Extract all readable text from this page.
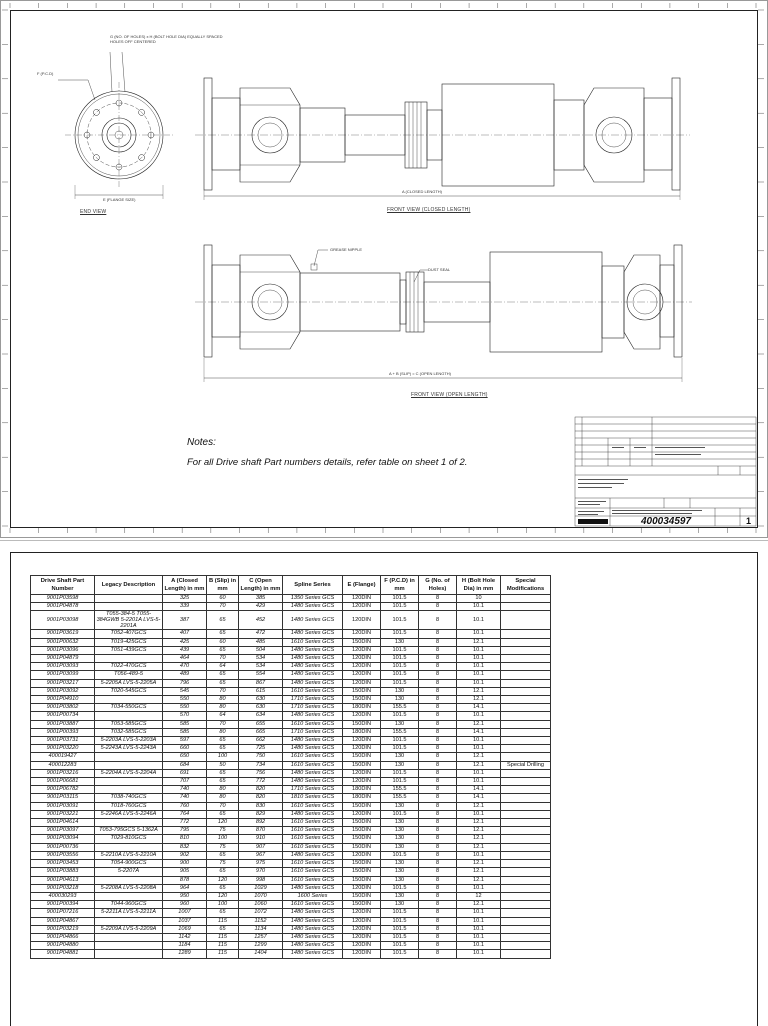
G (NO. OF HOLES) x H (BOLT HOLE DIA) EQUALLY SPACED HOLES OFF CENTERED
F (P.C.D)
E (FLANGE SIZE)
END VIEW
A (CLOSED LENGTH)
FRONT VIEW (CLOSED LENGTH)
GREASE NIPPLE
DUST SEAL
A + B (SLIP) = C (OPEN LENGTH)
FRONT VIEW (OPEN LENGTH)
Notes:
For all Drive shaft Part numbers details, refer table on sheet 1 of 2.
400034597	1
Drive Shaft Part Number	Legacy Description	A (Closed Length) in mm	B (Slip) in mm	C (Open Length) in mm	Spline Series	E (Flange)	F (P.C.D) in mm	G (No. of Holes)	H (Bolt Hole Dia) in mm	Special Modifications
9001P03598		325	60	385	1350 Series GCS	120DIN	101.5	8	10	
9001P04878		339	70	429	1480 Series GCS	120DIN	101.5	8	10.1	
9001P03098	T055-384-5 T055-384GWB 5-2201A LVS-5-2201A	387	65	452	1480 Series GCS	120DIN	101.5	8	10.1	
9001P03619	T052-407GCS	407	65	472	1480 Series GCS	120DIN	101.5	8	10.1	
9001P00632	T019-425GCS	425	60	485	1610 Series GCS	150DIN	130	8	12.1	
9001P03096	T051-439GCS	439	65	504	1480 Series GCS	120DIN	101.5	8	10.1	
9001P04879		464	70	534	1480 Series GCS	120DIN	101.5	8	10.1	
9001P03093	T022-470GCS	470	64	534	1480 Series GCS	120DIN	101.5	8	10.1	
9001P03099	T056-489-5	489	65	554	1480 Series GCS	120DIN	101.5	8	10.1	
9001P03217	5-2205A LVS-5-2205A	796	65	867	1480 Series GCS	120DIN	101.5	8	10.1	
9001P03092	T020-545GCS	545	70	615	1610 Series GCS	150DIN	130	8	12.1	
9001P04910		550	80	630	1710 Series GCS	150DIN	130	8	12.1	
9001P03802	T034-550GCS	550	80	630	1710 Series GCS	180DIN	155.5	8	14.1	
9001P00734		570	64	634	1480 Series GCS	120DIN	101.5	8	10.1	
9001P03887	T053-585GCS	585	70	655	1610 Series GCS	150DIN	130	8	12.1	
9001P00393	T032-585GCS	585	80	665	1710 Series GCS	180DIN	155.5	8	14.1	
9001P03731	5-2203A LVS-5-2203A	597	65	662	1480 Series GCS	120DIN	101.5	8	10.1	
9001P03220	5-2243A LVS-5-2243A	660	65	725	1480 Series GCS	120DIN	101.5	8	10.1	
400019427		650	100	750	1610 Series GCS	150DIN	130	8	12.1	
400012283		684	50	734	1610 Series GCS	150DIN	130	8	12.1	Special Drilling
9001P03216	5-2204A LVS-5-2204A	691	65	756	1480 Series GCS	120DIN	101.5	8	10.1	
9001P06681		707	65	772	1480 Series GCS	120DIN	101.5	8	10.1	
9001P06782		740	80	820	1710 Series GCS	180DIN	155.5	8	14.1	
9001P03115	T038-740GCS	740	80	820	1810 Series GCS	180DIN	155.5	8	14.1	
9001P03091	T018-760GCS	760	70	830	1610 Series GCS	150DIN	130	8	12.1	
9001P03221	5-2246A LVS-5-2246A	764	65	829	1480 Series GCS	120DIN	101.5	8	10.1	
9001P04614		772	120	892	1610 Series GCS	150DIN	130	8	12.1	
9001P03097	T053-795GCS 5-1362A	795	75	870	1610 Series GCS	150DIN	130	8	12.1	
9001P03094	T029-810GCS	810	100	910	1610 Series GCS	150DIN	130	8	12.1	
9001P00736		832	75	907	1610 Series GCS	150DIN	130	8	12.1	
9001P03556	5-2210A LVS-5-2210A	902	65	967	1480 Series GCS	120DIN	101.5	8	10.1	
9001P03453	T054-900GCS	900	75	975	1610 Series GCS	150DIN	130	8	12.1	
9001P03883	5-2207A	905	65	970	1610 Series GCS	150DIN	130	8	12.1	
9001P04613		878	120	998	1610 Series GCS	150DIN	130	8	12.1	
9001P03218	5-2208A LVS-5-2208A	964	65	1029	1480 Series GCS	120DIN	101.5	8	10.1	
400030293		950	120	1070	1600 Series	150DIN	130	8	12	
9001P00394	T044-960GCS	960	100	1060	1610 Series GCS	150DIN	130	8	12.1	
9001P07216	5-2211A LVS-5-2211A	1007	65	1072	1480 Series GCS	120DIN	101.5	8	10.1	
9001P04867		1037	115	1152	1480 Series GCS	120DIN	101.5	8	10.1	
9001P03219	5-2209A LVS-5-2209A	1069	65	1134	1480 Series GCS	120DIN	101.5	8	10.1	
9001P04866		1142	115	1257	1480 Series GCS	120DIN	101.5	8	10.1	
9001P04880		1184	115	1299	1480 Series GCS	120DIN	101.5	8	10.1	
9001P04881		1289	115	1404	1480 Series GCS	120DIN	101.5	8	10.1	
